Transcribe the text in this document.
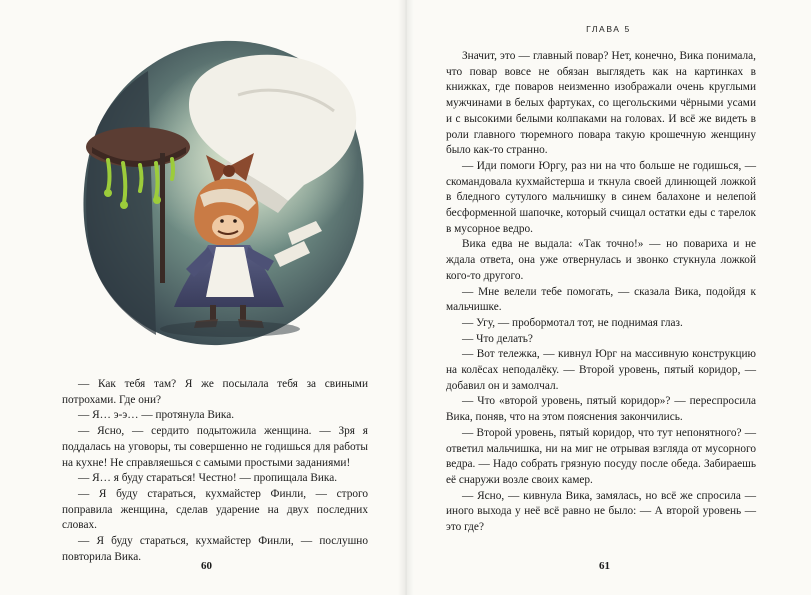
— Как тебя там? Я же посылала тебя за свиными потрохами. Где они?

— Я… э-э… — протянула Вика.

— Ясно, — сердито подытожила женщина. — Зря я поддалась на уговоры, ты совершенно не годишься для работы на кухне! Не справляешься с самыми простыми заданиями!

— Я… я буду стараться! Честно! — пропищала Вика.

— Я буду стараться, кухмайстер Финли, — строго поправила женщина, сделав ударение на двух последних словах.

— Я буду стараться, кухмайстер Финли, — послушно повторила Вика.

60
ГЛАВА 5

Значит, это — главный повар? Нет, конечно, Вика понимала, что повар вовсе не обязан выглядеть как на картинках в книжках, где поваров неизменно изображали очень круглыми мужчинами в белых фартуках, со щегольскими чёрными усами и с высокими белыми колпаками на головах. И всё же видеть в роли главного тюремного повара такую крошечную женщину было как-то странно.

— Иди помоги Юргу, раз ни на что больше не годишься, — скомандовала кухмайстерша и ткнула своей длинющей ложкой в бледного сутулого мальчишку в синем балахоне и нелепой бесформенной шапочке, который счищал остатки еды с тарелок в мусорное ведро.

Вика едва не выдала: «Так точно!» — но повариха и не ждала ответа, она уже отвернулась и звонко стукнула ложкой кого-то другого.

— Мне велели тебе помогать, — сказала Вика, подойдя к мальчишке.

— Угу, — пробормотал тот, не поднимая глаз.

— Что делать?

— Вот тележка, — кивнул Юрг на массивную конструкцию на колёсах неподалёку. — Второй уровень, пятый коридор, — добавил он и замолчал.

— Что «второй уровень, пятый коридор»? — переспросила Вика, поняв, что на этом пояснения закончились.

— Второй уровень, пятый коридор, что тут непонятного? — ответил мальчишка, ни на миг не отрывая взгляда от мусорного ведра. — Надо собрать грязную посуду после обеда. Забираешь её снаружи возле своих камер.

— Ясно, — кивнула Вика, замялась, но всё же спросила — иного выхода у неё всё равно не было: — А второй уровень — это где?

61
